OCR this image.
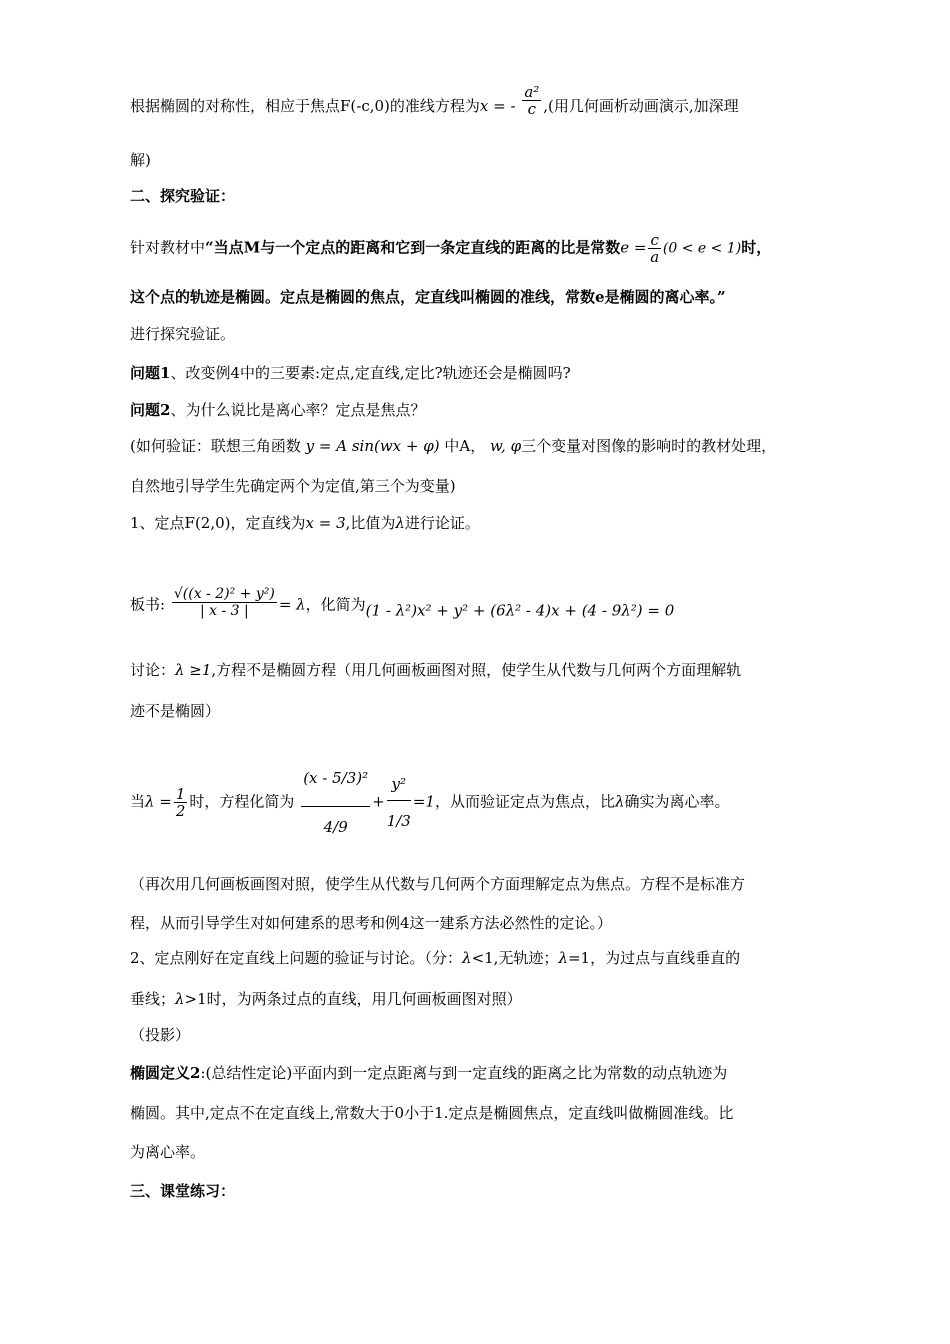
根据椭圆的对称性，相应于焦点F(-c,0)的准线方程为x = - $\frac{\text{a²}}{c}$ ,(用几何画析动画演示,加深理
解)
二、探究验证：
针对教材中“当点M与一个定点的距离和它到一条定直线的距离的比是常数$e = \frac{c}{a} (0 < e < 1)$时，
这个点的轨迹是椭圆。定点是椭圆的焦点，定直线叫椭圆的准线，常数e是椭圆的离心率。”
进行探究验证。
问题1、改变例4中的三要素:定点,定直线,定比?轨迹还会是椭圆吗?
问题2、为什么说比是离心率？定点是焦点？
(如何验证：联想三角函数 y = A sin(wx + φ) 中A， w, φ三个变量对图像的影响时的教材处理，
自然地引导学生先确定两个为定值,第三个为变量)
1、定点F(2,0)，定直线为x = 3,比值为λ进行论证。
板书: $\frac{\text{√((x - 2)² + y²)}}{| x - 3 |} = \lambda$，化简为(1 - λ²)x² + y² + (6λ² - 4)x + (4 - 9λ²) = 0
讨论：λ ≥1,方程不是椭圆方程（用几何画板画图对照，使学生从代数与几何两个方面理解轨
迹不是椭圆）
当$\lambda = \frac{1}{2}$ 时，方程化简为 $\frac{\text{(x - 5/3)²}}{4/9} + \frac{\text{y²}}{1/3} =1$，从而验证定点为焦点，比λ确实为离心率。
（再次用几何画板画图对照，使学生从代数与几何两个方面理解定点为焦点。方程不是标准方
程，从而引导学生对如何建系的思考和例4这一建系方法必然性的定论。）
2、定点刚好在定直线上问题的验证与讨论。（分：λ<1,无轨迹；λ=1，为过点与直线垂直的
垂线；λ>1时，为两条过点的直线，用几何画板画图对照）
（投影）
椭圆定义2:(总结性定论)平面内到一定点距离与到一定直线的距离之比为常数的动点轨迹为
椭圆。其中,定点不在定直线上,常数大于0小于1.定点是椭圆焦点，定直线叫做椭圆准线。比
为离心率。
三、课堂练习：
